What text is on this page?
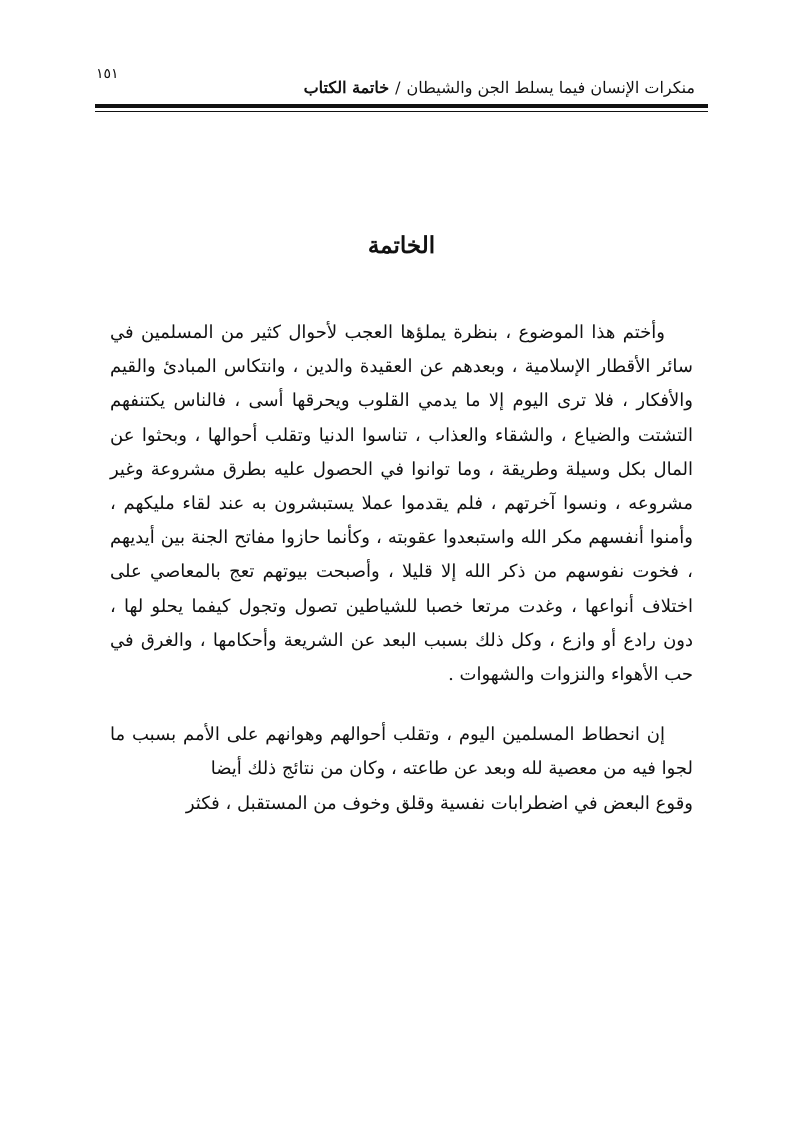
١٥١
منكرات الإنسان فيما يسلط الجن والشيطان/خاتمة الكتاب
الخاتمة

وأختم هذا الموضوع ، بنظرة يملؤها العجب لأحوال كثير من المسلمين في سائر الأقطار الإسلامية ، وبعدهم عن العقيدة والدين ، وانتكاس المبادئ والقيم والأفكار ، فلا ترى اليوم إلا ما يدمي القلوب ويحرقها أسى ، فالناس يكتنفهم التشتت والضياع ، والشقاء والعذاب ، تناسوا الدنيا وتقلب أحوالها ، وبحثوا عن المال بكل وسيلة وطريقة ، وما توانوا في الحصول عليه بطرق مشروعة وغير مشروعه ، ونسوا آخرتهم ، فلم يقدموا عملا يستبشرون به عند لقاء مليكهم ، وأمنوا أنفسهم مكر الله واستبعدوا عقوبته ، وكأنما حازوا مفاتح الجنة بين أيديهم ، فخوت نفوسهم من ذكر الله إلا قليلا ، وأصبحت بيوتهم تعج بالمعاصي على اختلاف أنواعها ، وغدت مرتعا خصبا للشياطين تصول وتجول كيفما يحلو لها ، دون رادع أو وازع ، وكل ذلك بسبب البعد عن الشريعة وأحكامها ، والغرق في حب الأهواء والنزوات والشهوات .

إن انحطاط المسلمين اليوم ، وتقلب أحوالهم وهوانهم على الأمم بسبب ما لجوا فيه من معصية لله وبعد عن طاعته ، وكان من نتائج ذلك أيضا

وقوع البعض في اضطرابات نفسية وقلق وخوف من المستقبل ، فكثر
